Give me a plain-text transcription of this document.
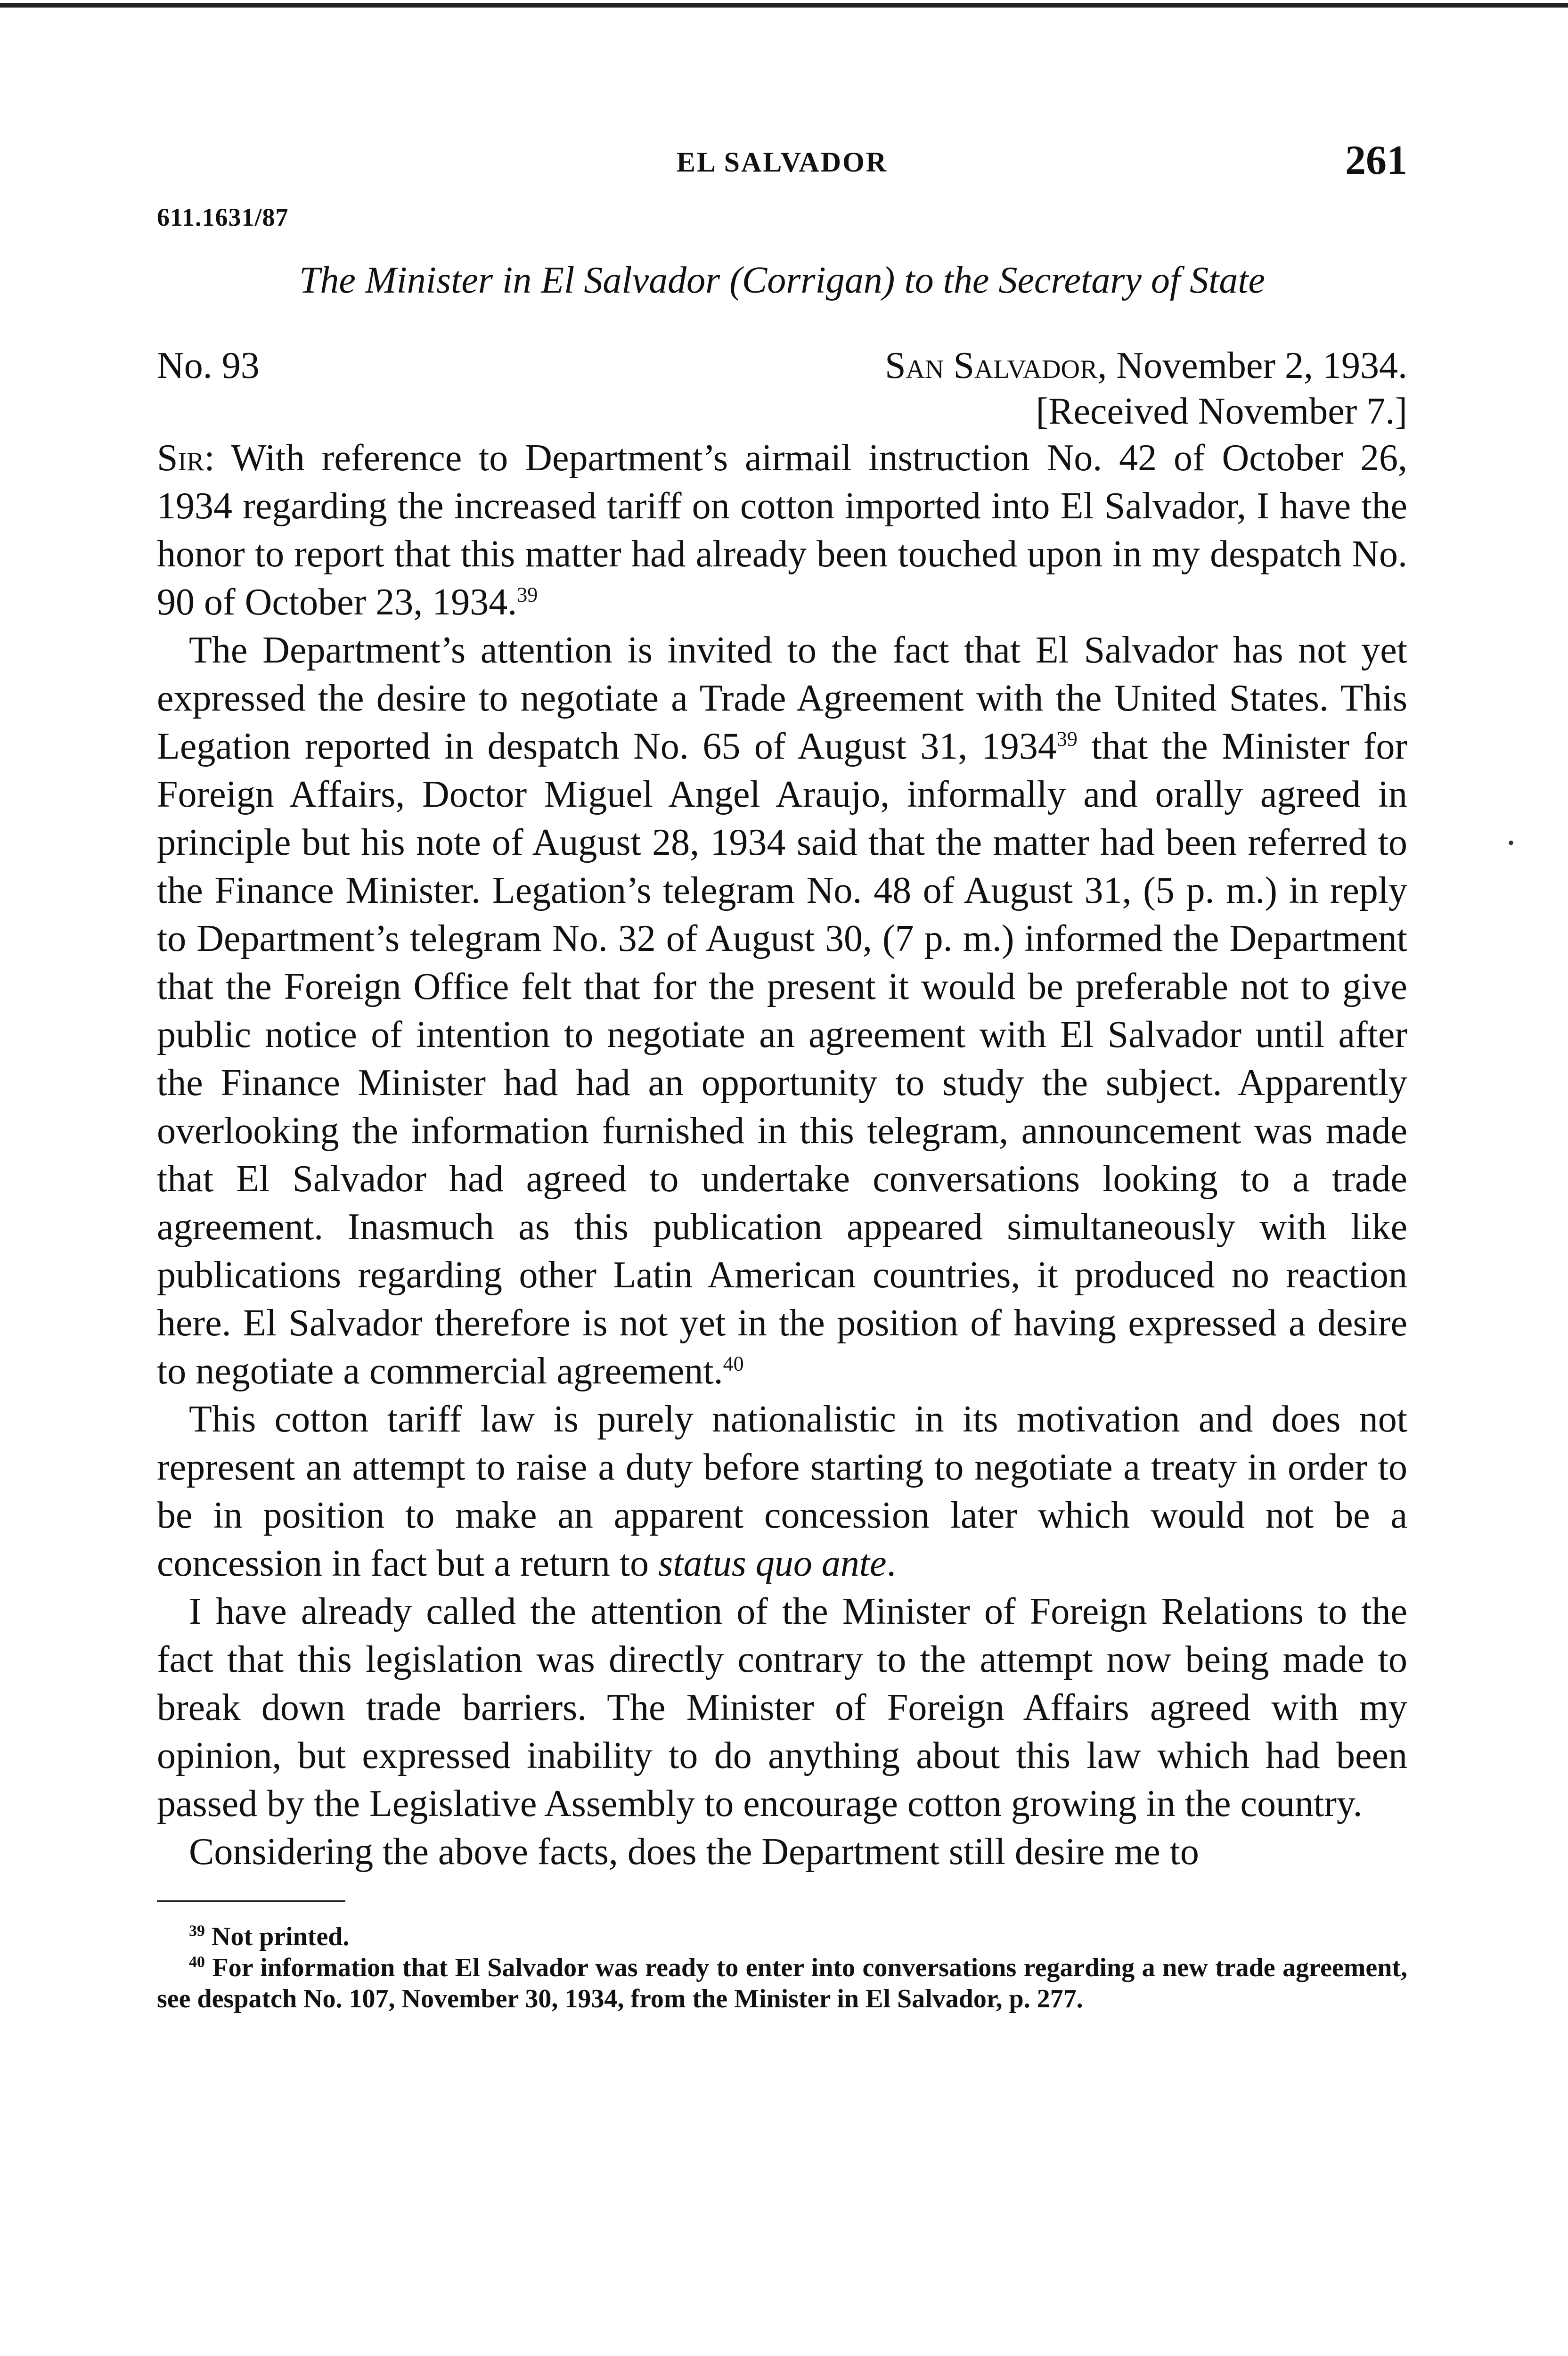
EL SALVADOR	261
611.1631/87
The Minister in El Salvador (Corrigan) to the Secretary of State
No. 93	San Salvador, November 2, 1934.
[Received November 7.]

Sir: With reference to Department’s airmail instruction No. 42 of October 26, 1934 regarding the increased tariff on cotton imported into El Salvador, I have the honor to report that this matter had already been touched upon in my despatch No. 90 of October 23, 1934.39

The Department’s attention is invited to the fact that El Salvador has not yet expressed the desire to negotiate a Trade Agreement with the United States. This Legation reported in despatch No. 65 of August 31, 1934$^{39}$ that the Minister for Foreign Affairs, Doctor Miguel Angel Araujo, informally and orally agreed in principle but his note of August 28, 1934 said that the matter had been referred to the Finance Minister. Legation’s telegram No. 48 of August 31, (5 p. m.) in reply to Department’s telegram No. 32 of August 30, (7 p. m.) informed the Department that the Foreign Office felt that for the present it would be preferable not to give public notice of intention to negotiate an agreement with El Salvador until after the Finance Minister had had an opportunity to study the subject. Apparently overlooking the information furnished in this telegram, announcement was made that El Salvador had agreed to undertake conversations looking to a trade agreement. Inasmuch as this publication appeared simultaneously with like publications regarding other Latin American countries, it produced no reaction here. El Salvador therefore is not yet in the position of having expressed a desire to negotiate a commercial agreement.$^{40}$

This cotton tariff law is purely nationalistic in its motivation and does not represent an attempt to raise a duty before starting to negotiate a treaty in order to be in position to make an apparent concession later which would not be a concession in fact but a return to status quo ante.

I have already called the attention of the Minister of Foreign Relations to the fact that this legislation was directly contrary to the attempt now being made to break down trade barriers. The Minister of Foreign Affairs agreed with my opinion, but expressed inability to do anything about this law which had been passed by the Legislative Assembly to encourage cotton growing in the country.

Considering the above facts, does the Department still desire me to

$^{39}$ Not printed.

$^{40}$ For information that El Salvador was ready to enter into conversations regarding a new trade agreement, see despatch No. 107, November 30, 1934, from the Minister in El Salvador, p. 277.

•
